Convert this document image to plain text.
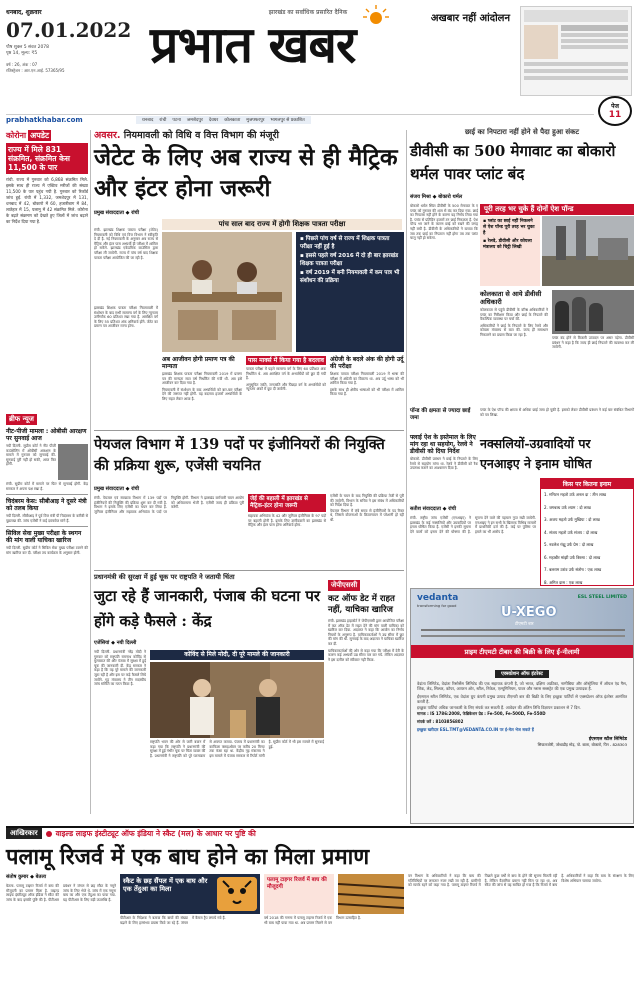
धनबाद, शुक्रवार
07.01.2022
पौष शुक्ल 5 संवत 2078
पृष्ठ 14, मूल्य: ₹5
वर्ष : 26, अंक : 07
रजिस्ट्रेशन : आर.एन.आई. 57365/95
झारखंड का सर्वाधिक प्रसारित दैनिक
प्रभात खबर	अखबार नहीं आंदोलन
पेज
11
prabhatkhabar.com	धनबाद रांची पटना जमशेदपुर देवघर कोलकाता मुजफ्फरपुर भागलपुर से प्रकाशित
कोरोना अपडेट
राज्य में मिले 831 संक्रमित, संक्रमित केस 11,500 के पार
रांची. राज्य में गुरुवार को 6,868 संक्रमित मिले. इसके साथ ही राज्य में एक्टिव मरीजों की संख्या 11,500 के पार पहुंच गयी है. गुरुवार को रिकॉर्ड जांच हुई. रांची में 1,332, जमशेदपुर में 131, धनबाद में 42, बोकारो में 60, हजारीबाग में 84, लातेहार में 15, पलामू में 42 संक्रमित मिले. कोरोना के बढ़ते संक्रमण को देखते हुए जिलों में जांच बढ़ाने का निर्देश दिया गया है.
ब्रीफ न्यूज
नीट-पीजी मामला : ओबीसी आरक्षण पर सुनवाई आज
नयी दिल्ली. सुप्रीम कोर्ट ने नीट पीजी काउंसेलिंग में ओबीसी आरक्षण के मामले में गुरुवार को सुनवाई की. सुनवाई पूरी नहीं हो सकी, आज फिर होगी.
रांची. सुप्रीम कोर्ट में मामले पर फिर से सुनवाई होगी. केंद्र सरकार ने अपना पक्ष रखा है.
चिदंबरम केस: सीबीआइ ने दूसरे मंत्री को तलब किया
नयी दिल्ली. सीबीआइ ने पूर्व वित्त मंत्री पी चिदंबरम के करीबी से पूछताछ की. जांच एजेंसी ने कई दस्तावेज मांगे हैं.
सिविल सेवा मुख्य परीक्षा के स्थगन की मांग वाली याचिका खारिज
नयी दिल्ली. सुप्रीम कोर्ट ने सिविल सेवा मुख्य परीक्षा टालने की मांग खारिज कर दी. परीक्षा तय कार्यक्रम के अनुसार होगी.
अवसर. नियमावली को विधि व वित्त विभाग की मंजूरी
जेटेट के लिए अब राज्य से ही मैट्रिक और इंटर होना जरूरी
प्रमुख संवाददाता ◆ रांची
पांच साल बाद राज्य में होगी शिक्षक पात्रता परीक्षा
रांची. झारखंड शिक्षक पात्रता परीक्षा (जेटेट) नियमावली को विधि एवं वित्त विभाग ने स्वीकृति दे दी है. नई नियमावली के अनुसार अब राज्य से मैट्रिक और इंटर पास अभ्यर्थी ही परीक्षा में शामिल हो सकेंगे. झारखंड एकेडमिक काउंसिल द्वारा परीक्षा ली जायेगी. राज्य में पांच वर्ष बाद शिक्षक पात्रता परीक्षा आयोजित की जा रही है.
झारखंड शिक्षक पात्रता परीक्षा नियमावली में संशोधन के बाद सभी सामान्य वर्ग के लिए न्यूनतम उत्तीर्णांक 60 प्रतिशत रखा गया है. आरक्षित वर्ग के लिए 55 प्रतिशत अंक अनिवार्य होंगे. जेटेट का प्रमाण पत्र आजीवन मान्य होगा.
▪ पिछले पांच वर्ष से राज्य में शिक्षक पात्रता परीक्षा नहीं हुई है
▪ इससे पहले वर्ष 2016 में दो ही बार झारखंड शिक्षक पात्रता परीक्षा
▪ वर्ष 2019 में बनी नियमावली में कम पात्र भी संशोधन की प्रक्रिया
अब आजीवन होगी प्रमाण पत्र की मान्यता
झारखंड शिक्षक पात्रता परीक्षा नियमावली 2019 में प्रमाण पत्र की मान्यता सात वर्ष निर्धारित की गयी थी. अब इसे आजीवन कर दिया गया है.
नियमावली में संशोधन के बाद अभ्यर्थियों को बार-बार परीक्षा देने की जरूरत नहीं होगी. यह बदलाव हजारों अभ्यर्थियों के लिए राहत लेकर आया है.
पास मार्क्स में किया गया है बदलाव
पात्रता परीक्षा में पहले सामान्य वर्ग के लिए 60 प्रतिशत अंक निर्धारित थे. अब आरक्षित वर्ग के अभ्यर्थियों को छूट दी गयी है.
अनुसूचित जाति, जनजाति और पिछड़ा वर्ग के अभ्यर्थियों को न्यूनतम अंकों में छूट दी जायेगी.
अंग्रेजी के बदले अंक की होगी उर्दू की परीक्षा
शिक्षक पात्रता परीक्षा नियमावली 2019 में भाषा की परीक्षा में अंग्रेजी का विकल्प था. अब उर्दू भाषा को भी शामिल किया गया है.
इसके साथ ही क्षेत्रीय भाषाओं को भी परीक्षा में शामिल किया गया है.
पेयजल विभाग में 139 पदों पर इंजीनियरों की नियुक्ति की प्रक्रिया शुरू, एजेंसी चयनित
प्रमुख संवाददाता ◆ रांची
रांची. पेयजल एवं स्वच्छता विभाग में 139 पदों पर इंजीनियरों की नियुक्ति की प्रक्रिया शुरू कर दी गयी है. विभाग ने इसके लिए एजेंसी का चयन कर लिया है. जूनियर इंजीनियर और सहायक अभियंता के पदों पर नियुक्ति होगी. विभाग ने झारखंड कर्मचारी चयन आयोग को अधियाचना भेजी है. एजेंसी जल्द ही प्रक्रिया पूरी करेगी.
जेई की बहाली में झारखंड से मैट्रिक-इंटर होना जरूरी
सहायक अभियंता के 42 और जूनियर इंजीनियर के 97 पदों पर बहाली होनी है. इसके लिए उम्मीदवारों का झारखंड से मैट्रिक और इंटर पास होना अनिवार्य होगा.

एजेंसी के चयन के बाद नियुक्ति की प्रक्रिया तेजी से पूरी की जायेगी. विभाग के सचिव ने इस संबंध में अधिकारियों को निर्देश दिया है.

पेयजल विभाग में लंबे समय से इंजीनियरों के पद रिक्त थे, जिससे योजनाओं के क्रियान्वयन में परेशानी हो रही थी.

प्रधानमंत्री की सुरक्षा में हुई चूक पर राष्ट्रपति ने जतायी चिंता
जुटा रहे हैं जानकारी, पंजाब की घटना पर होंगे कड़े फैसले : केंद्र
एजेंसियां ◆ नयी दिल्ली
कोविंद से मिले मोदी, दी पूरे मामले की जानकारी
नयी दिल्ली. प्रधानमंत्री नरेंद्र मोदी ने गुरुवार को राष्ट्रपति रामनाथ कोविंद से मुलाकात की और पंजाब में सुरक्षा में हुई चूक की जानकारी दी. केंद्र सरकार ने कहा है कि वह पूरे मामले की जानकारी जुटा रही है और इस पर कड़े फैसले लिये जायेंगे. गृह मंत्रालय ने तीन सदस्यीय जांच समिति का गठन किया है.
राष्ट्रपति भवन की ओर से जारी बयान में कहा गया कि राष्ट्रपति ने प्रधानमंत्री की सुरक्षा में हुई गंभीर चूक पर चिंता व्यक्त की है. प्रधानमंत्री ने राष्ट्रपति को पूरे घटनाक्रम से अवगत कराया. पंजाब में प्रधानमंत्री का काफिला फ्लाइओवर पर करीब 20 मिनट तक फंसा रहा था. केंद्रीय गृह मंत्रालय ने इस मामले में पंजाब सरकार से रिपोर्ट मांगी है. सुप्रीम कोर्ट में भी इस मामले में सुनवाई हुई.
जेपीएससी
कट ऑफ डेट में राहत नहीं, याचिका खारिज
रांची. झारखंड हाइकोर्ट ने जेपीएससी द्वारा आयोजित परीक्षा में कट ऑफ डेट में राहत देने की मांग वाली याचिका को खारिज कर दिया. अदालत ने कहा कि आयोग का निर्णय नियमों के अनुरूप है. याचिकाकर्ताओं ने उम्र सीमा में छूट की मांग की थी. सुनवाई के बाद अदालत ने याचिका खारिज कर दी.
याचिकाकर्ताओं की ओर से कहा गया कि परीक्षा में देरी के कारण कई अभ्यर्थी उम्र सीमा पार कर गये. लेकिन अदालत ने इस दलील को स्वीकार नहीं किया.
छाई का निपटारा नहीं होने से पैदा हुआ संकट
डीवीसी का 500 मेगावाट का बोकारो थर्मल पावर प्लांट बंद
संजय मिश्रा ◆ बोकारो थर्मल
बोकारो थर्मल स्थित डीवीसी के 500 मेगावाट के ए प्लांट को गुरुवार की शाम से बंद कर दिया गया. छाई का निपटारा नहीं होने के कारण यह निर्णय लिया गया है. प्लांट से प्रतिदिन हजारों टन छाई निकलता है. ऐश पॉन्ड भर जाने के कारण छाई को रखने की जगह नहीं बची है. डीवीसी के अधिकारियों ने बताया कि जब तक छाई का निपटारा नहीं होगा तब तक प्लांट चालू नहीं हो सकेगा.
पूरी तरह भर चुके हैं दोनों ऐश पॉन्ड
▪ प्लांट का छाई नहीं निकलने से ऐश पॉन्ड पूरी तरह भर चुका है
▪ रेलवे, डीवीसी और कोयला मंत्रालय को चिट्ठी लिखी
कोलकाता से आये डीवीसी अधिकारी
कोलकाता से पहुंचे डीवीसी के वरिष्ठ अधिकारियों ने प्लांट का निरीक्षण किया और छाई के निपटारे की वैकल्पिक व्यवस्था पर चर्चा की.
अधिकारियों ने छाई के निपटारे के लिए रेलवे और कोयला मंत्रालय से बात की. जल्द ही समाधान निकालने का प्रयास किया जा रहा है.
प्लांट बंद होने से बिजली उत्पादन पर असर पड़ेगा. डीवीसी प्रबंधन ने कहा है कि जल्द ही छाई निपटारे की व्यवस्था कर ली जायेगी.
पॉन्ड की क्षमता से ज्यादा छाई जमा
प्लांट के ऐश पॉन्ड की क्षमता से अधिक छाई जमा हो चुकी है. इसको लेकर डीवीसी प्रबंधन ने कई बार संबंधित विभागों को पत्र लिखा.
फ्लाई ऐश के इस्तेमाल के लिए मांग रहा था सहयोग, रेलवे ने डीवीसी को दिया निर्देश
बोकारो. डीवीसी प्रबंधन ने छाई के निपटारे के लिए रेलवे से सहयोग मांगा था. रेलवे ने डीवीसी को रैक उपलब्ध कराने का आश्वासन दिया है.
नक्सलियों-उग्रवादियों पर एनआइए ने इनाम घोषित
सतीश संवाददाता ◆ रांची
रांची. राष्ट्रीय जांच एजेंसी (एनआइए) ने झारखंड के कई नक्सलियों और उग्रवादियों पर इनाम घोषित किया है. एजेंसी ने इनकी सूचना देने वालों को इनाम देने की घोषणा की है. सूचना देने वाले की पहचान गुप्त रखी जायेगी. एनआइए ने इन सभी के खिलाफ विभिन्न मामलों में प्राथमिकी दर्ज की है. कई पर पुलिस पर हमले का भी आरोप है.
किस पर कितना इनाम
1. मनिटन महतो उर्फ अनल दा : तीन लाख
2. जगन्नाथ उर्फ श्याम : दो लाख
3. अजय महतो उर्फ मुखिया : दो लाख
4. संजय महतो उर्फ संजय : दो लाख
5. नवलेश गंझू उर्फ प्रेम : दो लाख
6. महाबीर मांझी उर्फ बिरसा : दो लाख
7. बलराम उरांव उर्फ संतोष : एक लाख
8. अमित दास : एक लाख
vedanta
transforming for good
ESL STEEL LIMITED
U-XEGO
टीएमटी बार
प्राइम टीएमटी टीबार की बिक्री के लिए ई-नीलामी
एक्सप्रेशन ऑफ इंटरेस्ट
वेदांता लिमिटेड, वेदांता रिसोर्सेस लिमिटेड की एक सहायक कंपनी है, जो भारत, दक्षिण अफ्रीका, नामीबिया और ऑस्ट्रेलिया में ऑयल एंड गैस, जिंक, लेड, सिल्वर, कॉपर, आयरन ओर, स्टील, निकेल, एल्यूमिनियम, पावर और ग्लास सब्सट्रेट की एक प्रमुख उत्पादक है.
ईएसएल स्टील लिमिटेड, एक वेदांता ग्रुप कंपनी प्रमुख उत्पाद टीएमटी बार की बिक्री के लिए इच्छुक पार्टियों से एक्सप्रेशन ऑफ इंटरेस्ट आमंत्रित करती है.
इच्छुक पार्टियां अधिक जानकारी के लिए संपर्क कर सकती हैं. आवेदन की अंतिम तिथि विज्ञापन प्रकाशन से 7 दिन.
मानक : IS 1786:2008, फेब्रिकेशन ग्रेड : Fe-500, Fe-500D, Fe-550D
संपर्क करें : 8103856802
इच्छुक खरीदार ESL.TMT@VEDANTA.CO.IN पर ई-मेल भेज सकते हैं
ईएसएल स्टील लिमिटेड
सियालजोरी, जोधाडीह मोड़, पो. बाला, बोकारो, पिन - 828303
आखिरकार	वाइल्ड लाइफ इंस्टीट्यूट ऑफ इंडिया ने स्कैट (मल) के आधार पर पुष्टि की
पलामू रिजर्व में एक बाघ होने का मिला प्रमाण
संतोष कुमार ◆ बेतला
बेतला. पलामू टाइगर रिजर्व में बाघ की मौजूदगी का प्रमाण मिला है. वाइल्ड लाइफ इंस्टीट्यूट ऑफ इंडिया ने स्कैट की जांच के बाद इसकी पुष्टि की है. पीटीआर प्रबंधन ने जंगल से छह स्कैट के नमूने जांच के लिए भेजे थे. जांच में एक नमूना बाघ का और एक तेंदुआ का पाया गया. यह पीटीआर के लिए बड़ी उपलब्धि है.
स्कैट के छह सैंपल में एक बाघ और एक तेंदुआ का मिला
पीटीआर के निदेशक ने बताया कि बाघों की संख्या बढ़ाने के लिए हरसंभव प्रयास किये जा रहे हैं. जंगल में कैमरा ट्रैप लगाये गये हैं.
पलामू टाइगर रिजर्व में बाघ की मौजूदगी
वर्ष 2018 की गणना में पलामू टाइगर रिजर्व में एक भी बाघ नहीं पाया गया था. अब प्रमाण मिलने से वन विभाग उत्साहित है.
वन विभाग के अधिकारियों ने कहा कि बाघ की गतिविधियों पर लगातार नजर रखी जा रही है. ग्रामीणों को सतर्क रहने को कहा गया है. पलामू टाइगर रिजर्व में पिछले कुछ वर्षों से बाघ के होने की सूचना मिलती रही है. लेकिन वैज्ञानिक प्रमाण नहीं मिल पा रहा था. अब स्कैट की जांच से यह साबित हो गया है कि रिजर्व में बाघ है. अधिकारियों ने कहा कि बाघ के संरक्षण के लिए विशेष अभियान चलाया जायेगा.
